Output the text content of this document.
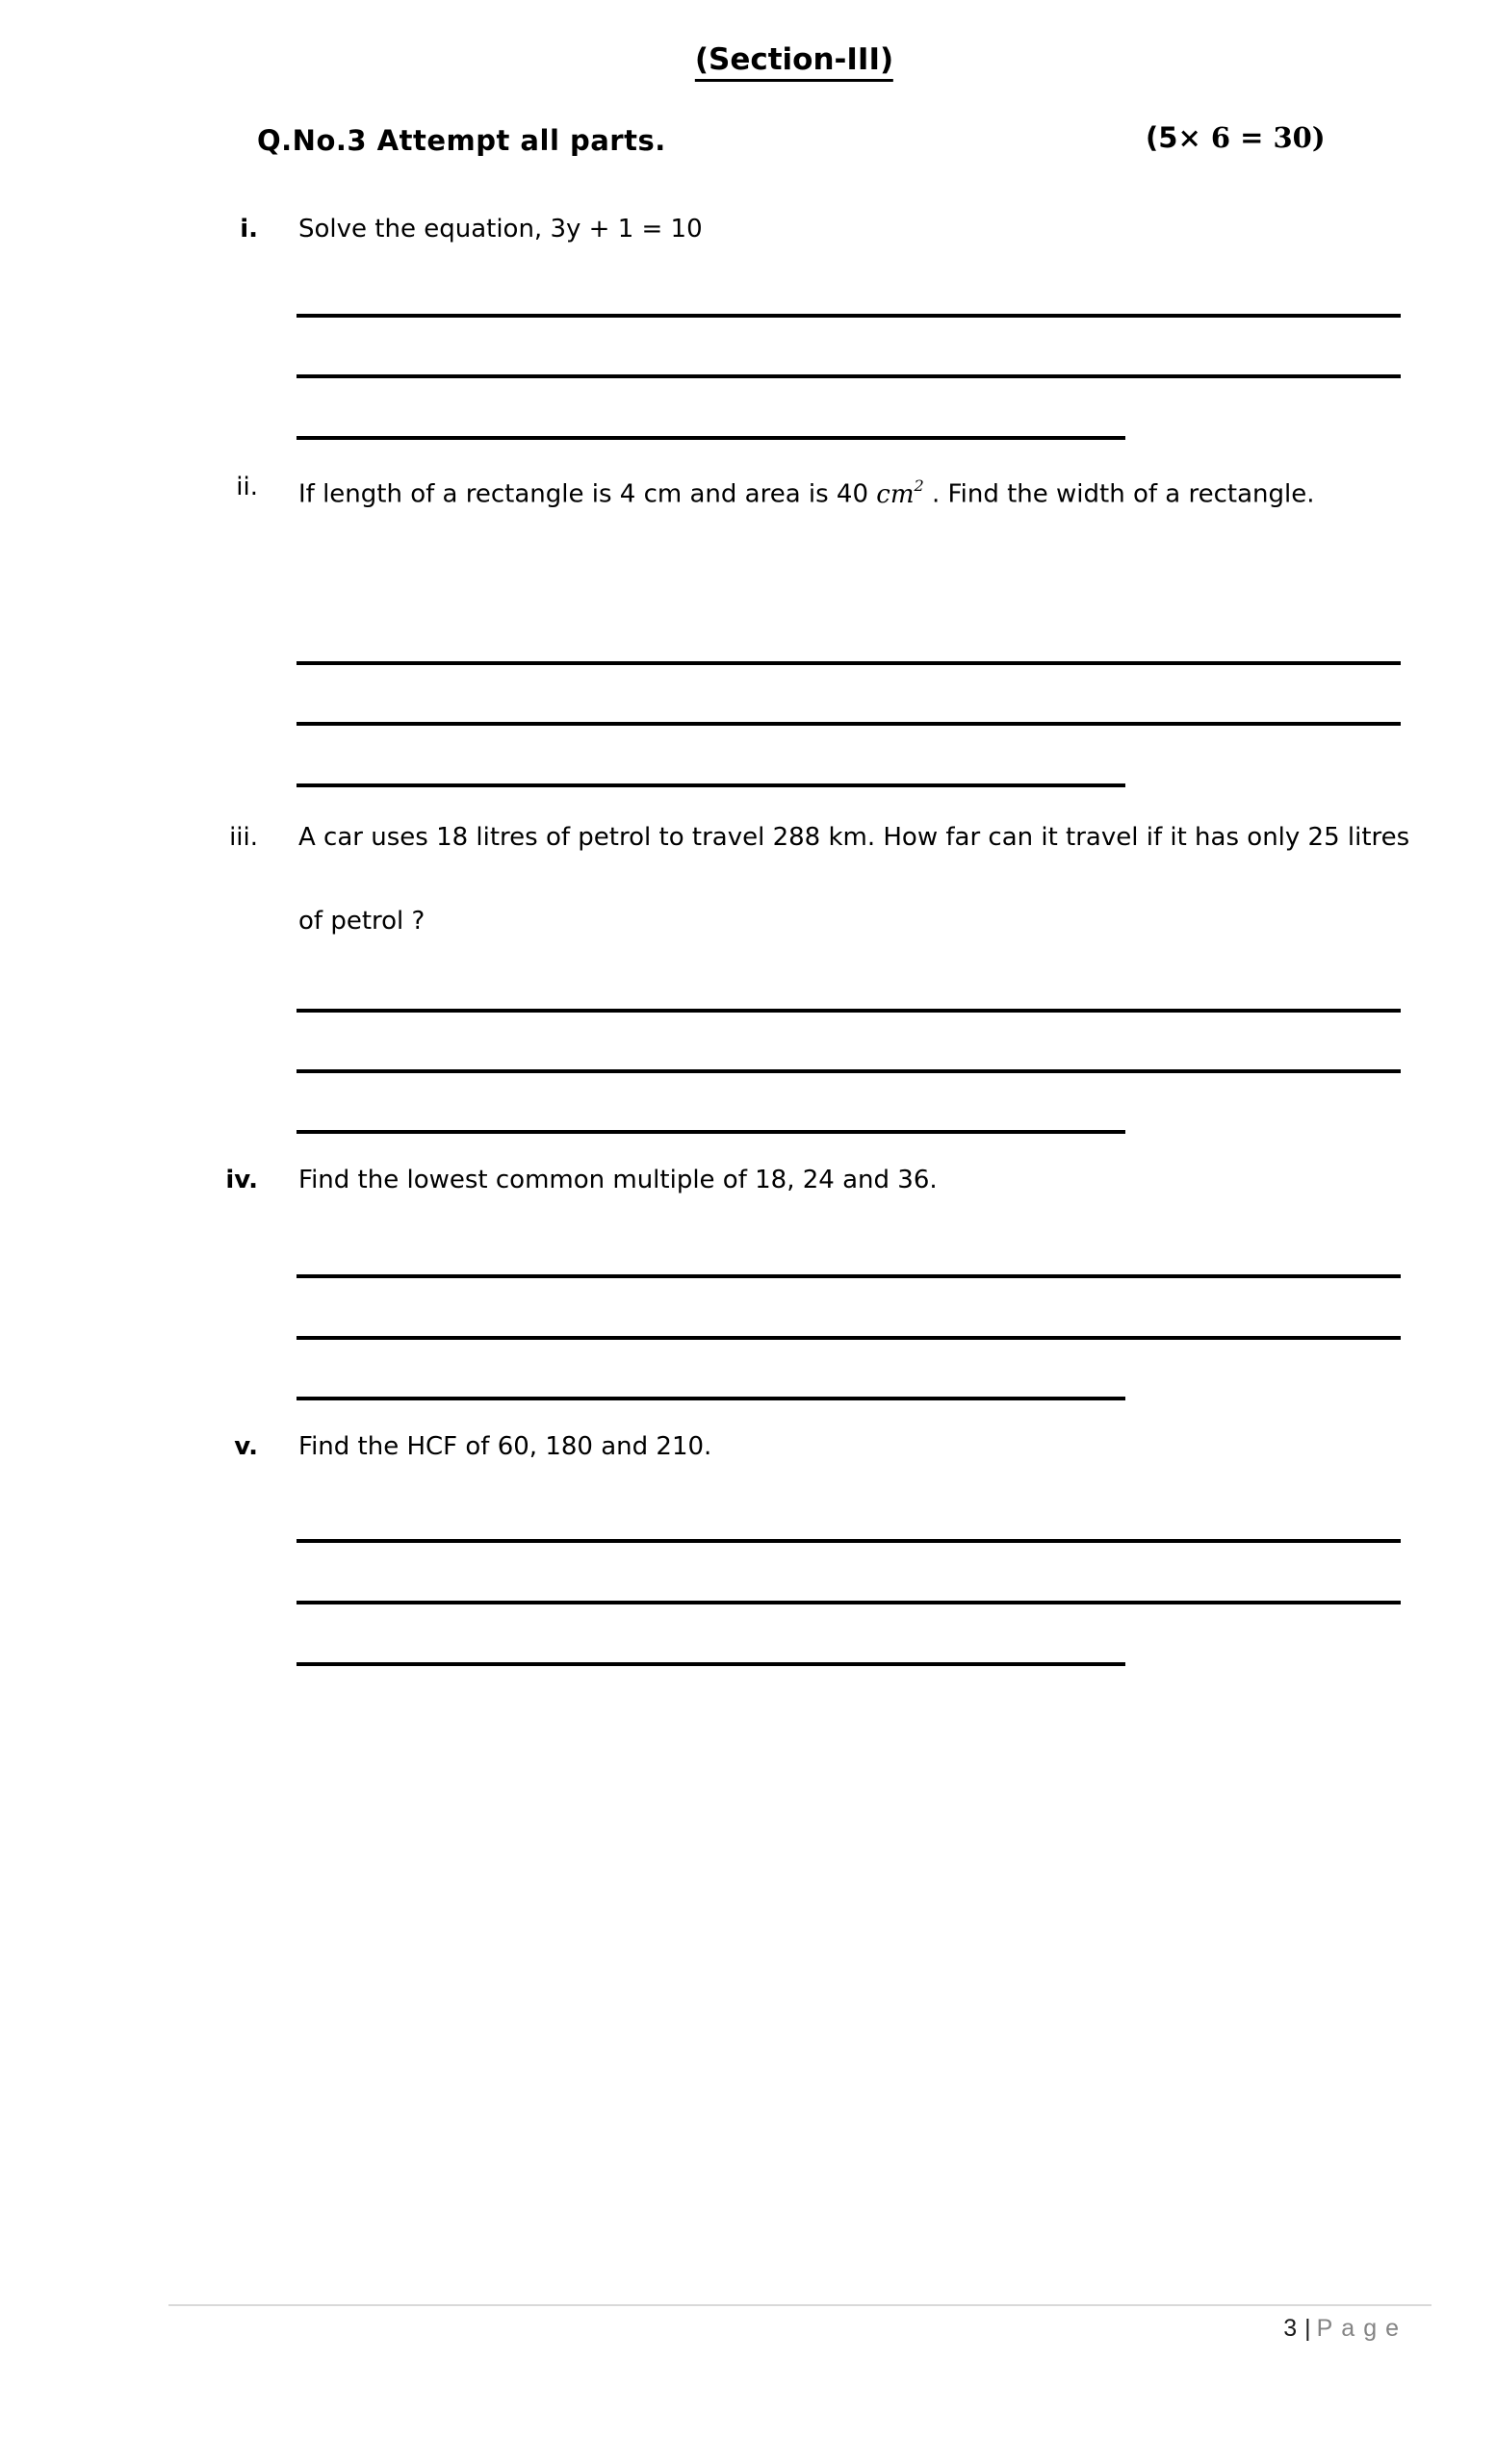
(Section-III)
Q.No.3 Attempt all parts.	(5× 6 = 30)
i. Solve the equation, 3y + 1 = 10
ii. If length of a rectangle is 4 cm and area is 40 $cm^2$ . Find the width of a rectangle.
iii. A car uses 18 litres of petrol to travel 288 km. How far can it travel if it has only 25 litres of petrol ?
iv. Find the lowest common multiple of 18, 24 and 36.
v. Find the HCF of 60, 180 and 210.
3 | Page
